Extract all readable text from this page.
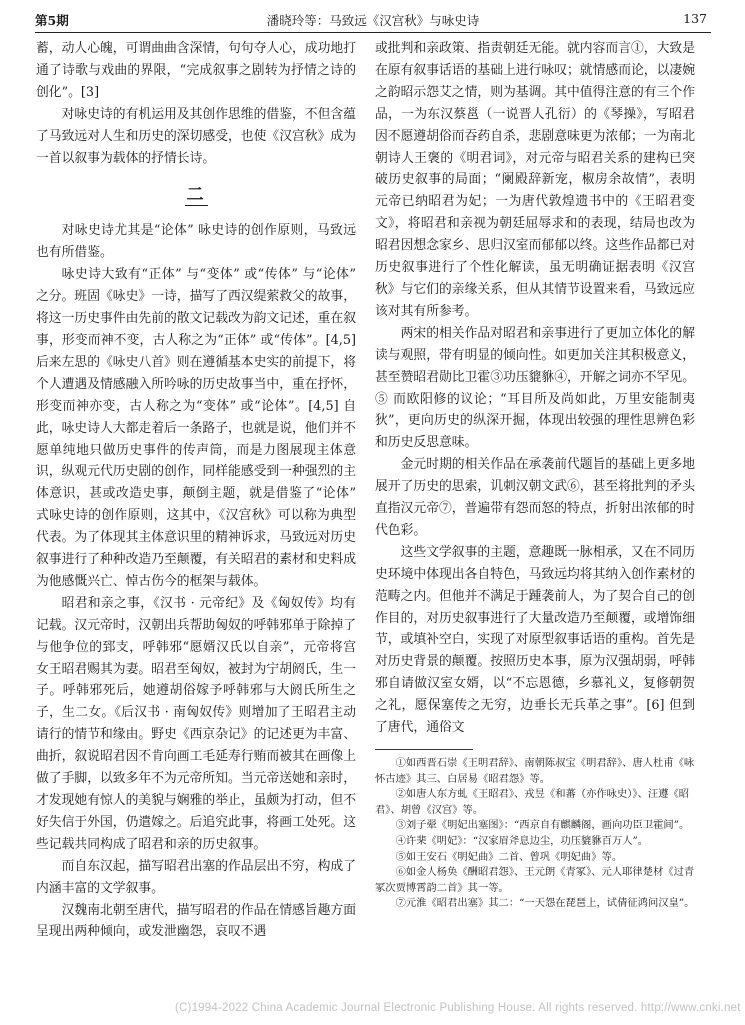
第5期	潘晓玲等：马致远《汉宫秋》与咏史诗	137

蓄，动人心魄，可谓曲曲含深情，句句夺人心，成功地打通了诗歌与戏曲的界限，“完成叙事之剧转为抒情之诗的创化”。[3]

对咏史诗的有机运用及其创作思维的借鉴，不但含蕴了马致远对人生和历史的深切感受，也使《汉宫秋》成为一首以叙事为载体的抒情长诗。

二

对咏史诗尤其是“论体” 咏史诗的创作原则，马致远也有所借鉴。

咏史诗大致有“正体” 与“变体” 或“传体” 与“论体” 之分。班固《咏史》一诗，描写了西汉缇萦救父的故事，将这一历史事件由先前的散文记载改为韵文记述，重在叙事，形变而神不变，古人称之为“正体” 或“传体”。[4,5] 后来左思的《咏史八首》则在遵循基本史实的前提下，将个人遭遇及情感融入所吟咏的历史故事当中，重在抒怀，形变而神亦变，古人称之为“变体” 或“论体”。[4,5] 自此，咏史诗人大都走着后一条路子，也就是说，他们并不愿单纯地只做历史事件的传声筒，而是力图展现主体意识，纵观元代历史剧的创作，同样能感受到一种强烈的主体意识，甚或改造史事，颠倒主题，就是借鉴了“论体” 式咏史诗的创作原则，这其中，《汉宫秋》可以称为典型代表。为了体现其主体意识里的精神诉求，马致远对历史叙事进行了种种改造乃至颠覆，有关昭君的素材和史料成为他感慨兴亡、悼古伤今的框架与载体。

昭君和亲之事，《汉书 · 元帝纪》及《匈奴传》均有记载。汉元帝时，汉朝出兵帮助匈奴的呼韩邪单于除掉了与他争位的郅支，呼韩邪“愿婿汉氏以自亲”，元帝将宫女王昭君赐其为妻。昭君至匈奴，被封为宁胡阏氏，生一子。呼韩邪死后，她遵胡俗嫁予呼韩邪与大阏氏所生之子，生二女。《后汉书 · 南匈奴传》则增加了王昭君主动请行的情节和缘由。野史《西京杂记》的记述更为丰富、曲折，叙说昭君因不肯向画工毛延寿行贿而被其在画像上做了手脚，以致多年不为元帝所知。当元帝送她和亲时，才发现她有惊人的美貌与娴雅的举止，虽颇为打动，但不好失信于外国，仍遣嫁之。后追究此事，将画工处死。这些记载共同构成了昭君和亲的历史叙事。

而自东汉起，描写昭君出塞的作品层出不穷，构成了内涵丰富的文学叙事。

汉魏南北朝至唐代，描写昭君的作品在情感旨趣方面呈现出两种倾向，或发泄幽怨，哀叹不遇

或批判和亲政策、指责朝廷无能。就内容而言①，大致是在原有叙事话语的基础上进行咏叹；就情感而论，以凄婉之韵昭示怨艾之情，则为基调。其中值得注意的有三个作品，一为东汉蔡邕（一说晋人孔衍）的《琴操》，写昭君因不愿遵胡俗而吞药自杀，悲剧意味更为浓郁；一为南北朝诗人王褒的《明君词》，对元帝与昭君关系的建构已突破历史叙事的局面；“阑殿辞新宠，椒房余故情”，表明元帝已纳昭君为妃；一为唐代敦煌遗书中的《王昭君变文》，将昭君和亲视为朝廷屈辱求和的表现，结局也改为昭君因想念家乡、思归汉室而郁郁以终。这些作品都已对历史叙事进行了个性化解读，虽无明确证据表明《汉宫秋》与它们的亲缘关系，但从其情节设置来看，马致远应该对其有所参考。

两宋的相关作品对昭君和亲事进行了更加立体化的解读与观照，带有明显的倾向性。如更加关注其积极意义，甚至赞昭君勋比卫霍③功压貔貅④，开解之词亦不罕见。⑤ 而欧阳修的议论；“耳目所及尚如此，万里安能制夷狄”，更向历史的纵深开掘，体现出较强的理性思辨色彩和历史反思意味。

金元时期的相关作品在承袭前代题旨的基础上更多地展开了历史的思索，讥刺汉朝文武⑥，甚至将批判的矛头直指汉元帝⑦，普遍带有怨而怒的特点，折射出浓郁的时代色彩。

这些文学叙事的主题，意趣既一脉相承，又在不同历史环境中体现出各自特色，马致远均将其纳入创作素材的范畴之内。但他并不满足于踵袭前人，为了契合自己的创作目的，对历史叙事进行了大量改造乃至颠覆，或增饰细节，或填补空白，实现了对原型叙事话语的重构。首先是对历史背景的颠覆。按照历史本事，原为汉强胡弱，呼韩邪自请做汉室女婿，以“不忘恩德，乡慕礼义，复修朝贺之礼，愿保塞传之无穷，边垂长无兵革之事”。[6] 但到了唐代，通俗文

①如西晋石崇《王明君辞》、南朝陈叔宝《明君辞》、唐人杜甫《咏怀古迹》其三、白居易《昭君怨》等。

②如唐人东方虬《王昭君》、戎昱《和蕃（亦作咏史）》、汪遵《昭君》、胡曾《汉宫》等。

③刘子翚《明妃出塞图》：“西京自有麒麟阁，画向功臣卫霍间”。

④许棐《明妃》：“汉家眉斧息边尘，功压貔貅百万人”。

⑤如王安石《明妃曲》二首、曾巩《明妃曲》等。

⑥如金人杨奂《酬昭君怨》、王元朗《青冢》、元人耶律楚材《过青冢次贾博霄韵二首》其一等。

⑦元淮《昭君出塞》其二：“一天怨在琵琶上，试倩征鸿问汉皇”。

(C)1994-2022 China Academic Journal Electronic Publishing House. All rights reserved. http://www.cnki.net
